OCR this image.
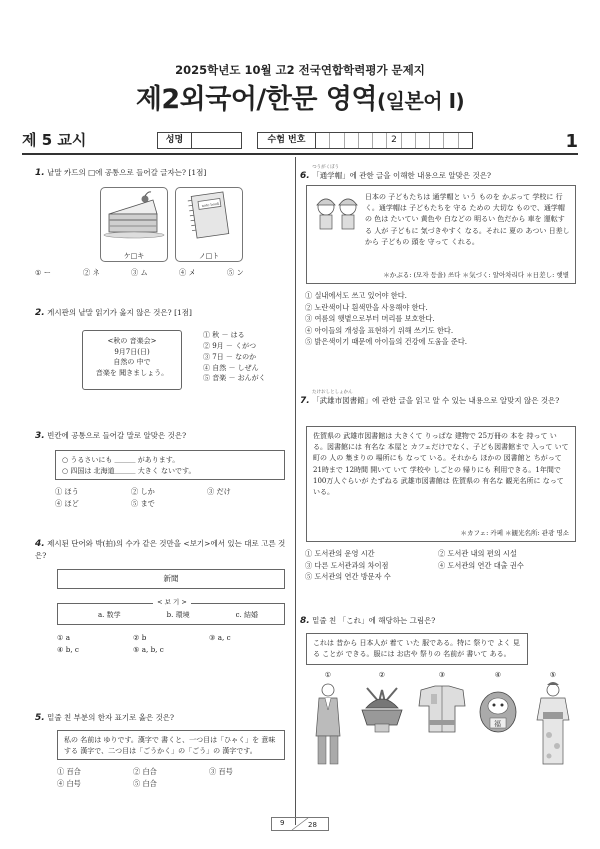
2025학년도 10월 고2 전국연합학력평가 문제지
제2외국어/한문 영역(일본어 Ⅰ)
제 5 교시	성명	수험 번호	2	1
1. 낱말 카드의 □에 공통으로 들어갈 글자는? [1점]
ケ□キ
note book
ノ□ト
① ー	② ネ	③ ム	④ メ	⑤ ン
2. 게시판의 낱말 읽기가 옳지 않은 것은? [1점]
<秋の 音楽会>
9月7日(日)
自然の 中で
音楽を 聞きましょう。
① 秋 － はる
② 9月 － くがつ
③ 7日 － なのか
④ 自然 － しぜん
⑤ 音楽 － おんがく
3. 빈칸에 공통으로 들어갈 말로 알맞은 것은?
○ うるさいにも ＿＿＿ があります。
○ 四国は 北海道＿＿＿ 大きく ないです。
① ほう	② しか	③ だけ
④ ほど	⑤ まで
4. 제시된 단어와 박(拍)의 수가 같은 것만을 <보기>에서 있는 대로 고른 것은?
新聞
< 보 기 >
a. 数学	b. 環境	c. 結婚
① a	② b	③ a, c
④ b, c	⑤ a, b, c
5. 밑줄 친 부분의 한자 표기로 옳은 것은?
私の 名前は ゆりです。漢字で 書くと、一つ目は「ひゃく」を 意味する 漢字で、二つ目は「ごうかく」の「ごう」の 漢字です。
① 百合	② 白合	③ 百号
④ 白号	⑤ 白合
6.
つうがくぼう
「通学帽」에 관한 글을 이해한 내용으로 알맞은 것은?
日本の 子どもたちは 通学帽と いう ものを かぶって 学校に 行く。通学帽は 子どもたちを 守る ための 大切な もので、通学帽の 色は たいてい 黄色や 白などの 明るい 色だから 車を 運転する 人が 子どもに 気づきやすく なる。それに 夏の あつい 日差しから 子どもの 頭を 守って くれる。
＊かぶる: (모자 등을) 쓰다 ＊気づく: 알아차리다 ＊日差し: 햇볕
① 실내에서도 쓰고 있어야 한다.
② 노란색이나 흰색만을 사용해야 한다.
③ 여름의 햇볕으로부터 머리를 보호한다.
④ 아이들의 개성을 표현하기 위해 쓰기도 한다.
⑤ 밝은색이기 때문에 아이들의 건강에 도움을 준다.
7.
たけおしとしょかん
「武雄市図書館」에 관한 글을 읽고 알 수 있는 내용으로 알맞지 않은 것은?
佐賀県の 武雄市図書館は 大きくて りっぱな 建物で 25万冊の 本を 持って いる。図書館には 有名な 本屋と カフェだけでなく、子ども図書館まで 入って いて 町の 人の 集まりの 場所にも なって いる。それから ほかの 図書館と ちがって 21時まで 12時間 開いて いて 学校や しごとの 帰りにも 利用できる。1年間で 100万人ぐらいが たずねる 武雄市図書館は 佐賀県の 有名な 観光名所に なって いる。
＊カフェ: 카페 ＊観光名所: 관광 명소
① 도서관의 운영 시간	② 도서관 내의 편의 시설
③ 다른 도서관과의 차이점	④ 도서관의 연간 대출 권수
⑤ 도서관의 연간 방문자 수
8. 밑줄 친 「これ」에 해당하는 그림은?
これは 昔から 日本人が 着て いた 服である。特に 祭りで よく 見る ことが できる。服には お店や 祭りの 名前が 書いて ある。
①	②	③	④
福
⑤
9	28
